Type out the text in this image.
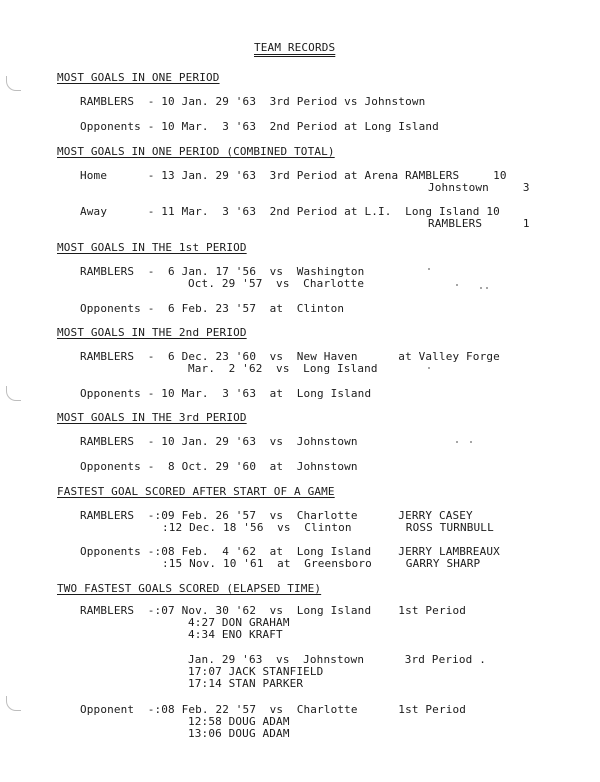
TEAM RECORDS
MOST GOALS IN ONE PERIOD
RAMBLERS  - 10 Jan. 29 '63  3rd Period vs Johnstown
Opponents - 10 Mar.  3 '63  2nd Period at Long Island
MOST GOALS IN ONE PERIOD (COMBINED TOTAL)
Home      - 13 Jan. 29 '63  3rd Period at Arena RAMBLERS     10
Johnstown     3
Away      - 11 Mar.  3 '63  2nd Period at L.I.  Long Island 10
RAMBLERS      1
MOST GOALS IN THE 1st PERIOD
RAMBLERS  -  6 Jan. 17 '56  vs  Washington
Oct. 29 '57  vs  Charlotte
Opponents -  6 Feb. 23 '57  at  Clinton
MOST GOALS IN THE 2nd PERIOD
RAMBLERS  -  6 Dec. 23 '60  vs  New Haven      at Valley Forge
Mar.  2 '62  vs  Long Island
Opponents - 10 Mar.  3 '63  at  Long Island
MOST GOALS IN THE 3rd PERIOD
RAMBLERS  - 10 Jan. 29 '63  vs  Johnstown
Opponents -  8 Oct. 29 '60  at  Johnstown
FASTEST GOAL SCORED AFTER START OF A GAME
RAMBLERS  -:09 Feb. 26 '57  vs  Charlotte      JERRY CASEY
:12 Dec. 18 '56  vs  Clinton        ROSS TURNBULL
Opponents -:08 Feb.  4 '62  at  Long Island    JERRY LAMBREAUX
:15 Nov. 10 '61  at  Greensboro     GARRY SHARP
TWO FASTEST GOALS SCORED (ELAPSED TIME)
RAMBLERS  -:07 Nov. 30 '62  vs  Long Island    1st Period
4:27 DON GRAHAM
4:34 ENO KRAFT
Jan. 29 '63  vs  Johnstown      3rd Period .
17:07 JACK STANFIELD
17:14 STAN PARKER
Opponent  -:08 Feb. 22 '57  vs  Charlotte      1st Period
12:58 DOUG ADAM
13:06 DOUG ADAM
